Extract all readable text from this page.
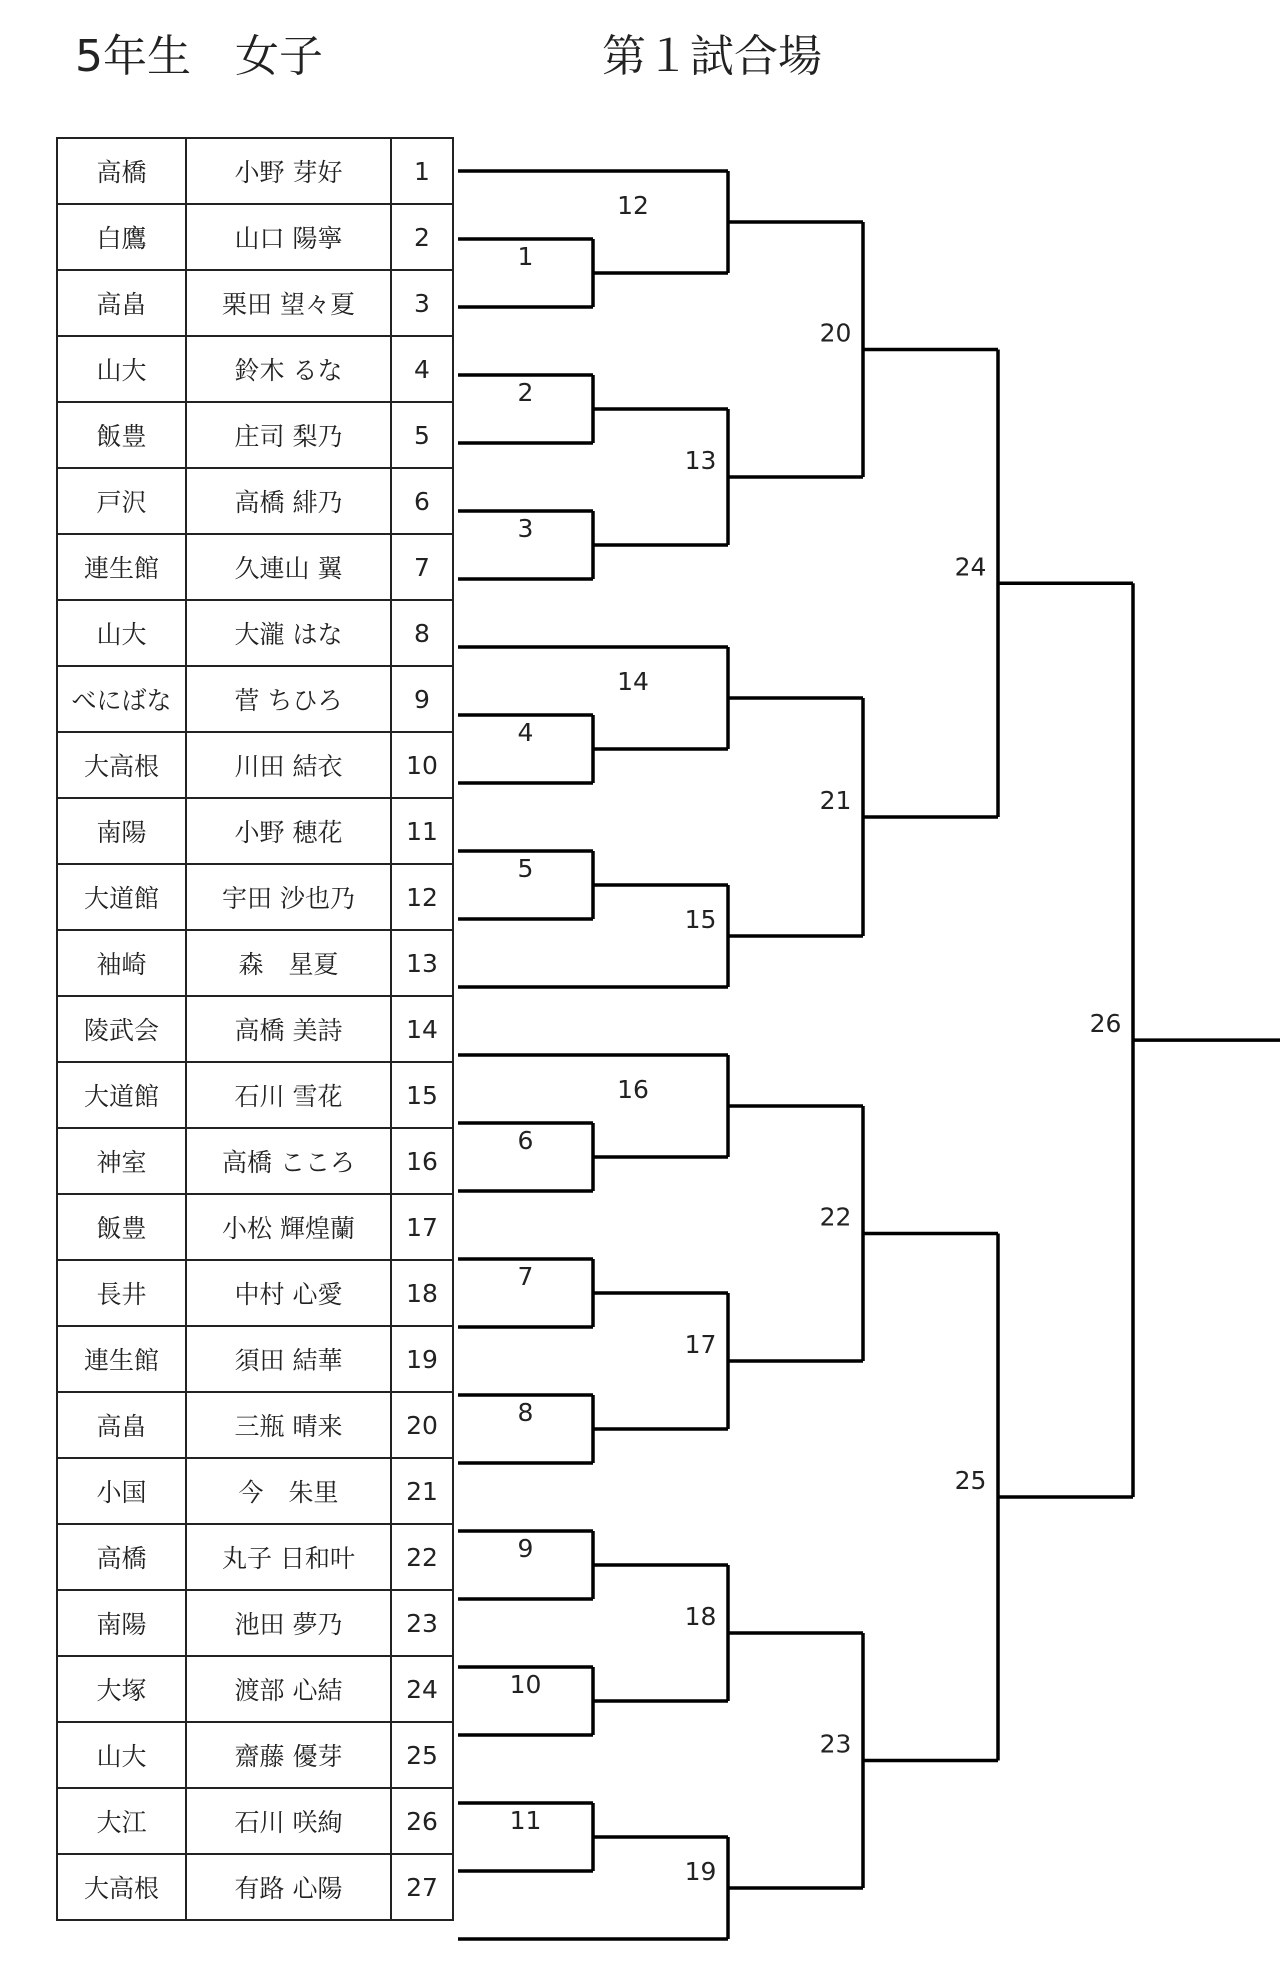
5年生　女子	第１試合場
高橋	小野 芽好	1
白鷹	山口 陽寧	2
高畠	栗田 望々夏	3
山大	鈴木 るな	4
飯豊	庄司 梨乃	5
戸沢	高橋 緋乃	6
連生館	久連山 翼	7
山大	大瀧 はな	8
べにばな	菅 ちひろ	9
大高根	川田 結衣	10
南陽	小野 穂花	11
大道館	宇田 沙也乃	12
袖崎	森　星夏	13
陵武会	高橋 美詩	14
大道館	石川 雪花	15
神室	高橋 こころ	16
飯豊	小松 輝煌蘭	17
長井	中村 心愛	18
連生館	須田 結華	19
高畠	三瓶 晴来	20
小国	今　朱里	21
高橋	丸子 日和叶	22
南陽	池田 夢乃	23
大塚	渡部 心結	24
山大	齋藤 優芽	25
大江	石川 咲絢	26
大高根	有路 心陽	27
1
2
3
4
5
6
7
8
9
10
11
12
13
14
15
16
17
18
19
20
21
22
23
24
25
26
